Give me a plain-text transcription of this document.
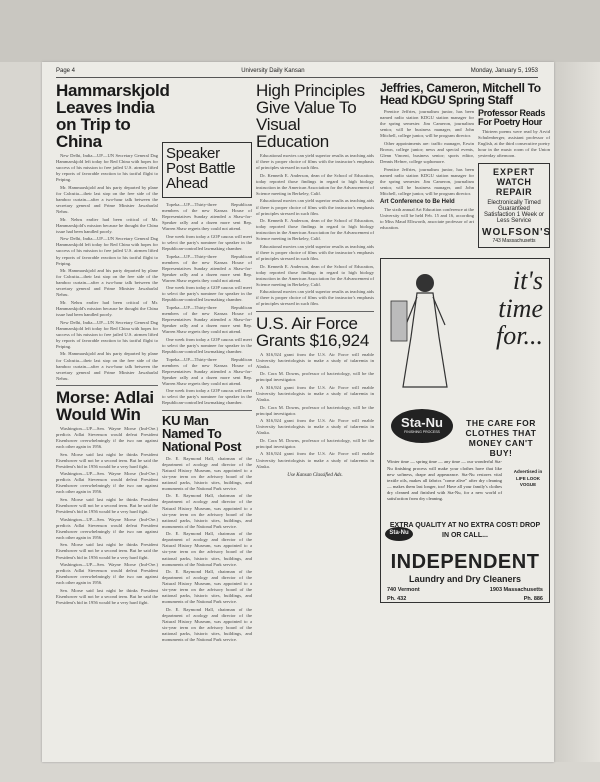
Page 4	University Daily Kansan	Monday, January 5, 1953
Hammarskjold Leaves India on Trip to China

New Delhi, India—UP—UN Secretary General Dag Hammarskjold left today for Red China with hopes for success of his mission to free jailed U.S. airmen lifted by reports of favorable reaction to his tactful flight to Peiping.

Mr. Hammarskjold and his party departed by plane for Calcutta—their last stop on the free side of the bamboo curtain—after a two-hour talk between the secretary general and Prime Minister Jawaharlal Nehru.

Mr. Nehru earlier had been critical of Mr. Hammarskjold's mission because he thought the China issue had been handled poorly.

New Delhi, India—UP—UN Secretary General Dag Hammarskjold left today for Red China with hopes for success of his mission to free jailed U.S. airmen lifted by reports of favorable reaction to his tactful flight to Peiping.

Mr. Hammarskjold and his party departed by plane for Calcutta—their last stop on the free side of the bamboo curtain—after a two-hour talk between the secretary general and Prime Minister Jawaharlal Nehru.

Mr. Nehru earlier had been critical of Mr. Hammarskjold's mission because he thought the China issue had been handled poorly.

New Delhi, India—UP—UN Secretary General Dag Hammarskjold left today for Red China with hopes for success of his mission to free jailed U.S. airmen lifted by reports of favorable reaction to his tactful flight to Peiping.

Mr. Hammarskjold and his party departed by plane for Calcutta—their last stop on the free side of the bamboo curtain—after a two-hour talk between the secretary general and Prime Minister Jawaharlal Nehru.

Morse: Adlai Would Win

Washington—UP—Sen. Wayne Morse (Ind-Ore.) predicts Adlai Stevenson would defeat President Eisenhower overwhelmingly if the two ran against each other again in 1956.

Sen. Morse said last night he thinks President Eisenhower will not be a second term. But he said the President's bid in 1956 would be a very hard fight.

Washington—UP—Sen. Wayne Morse (Ind-Ore.) predicts Adlai Stevenson would defeat President Eisenhower overwhelmingly if the two ran against each other again in 1956.

Sen. Morse said last night he thinks President Eisenhower will not be a second term. But he said the President's bid in 1956 would be a very hard fight.

Washington—UP—Sen. Wayne Morse (Ind-Ore.) predicts Adlai Stevenson would defeat President Eisenhower overwhelmingly if the two ran against each other again in 1956.

Sen. Morse said last night he thinks President Eisenhower will not be a second term. But he said the President's bid in 1956 would be a very hard fight.

Washington—UP—Sen. Wayne Morse (Ind-Ore.) predicts Adlai Stevenson would defeat President Eisenhower overwhelmingly if the two ran against each other again in 1956.

Sen. Morse said last night he thinks President Eisenhower will not be a second term. But he said the President's bid in 1956 would be a very hard fight.

Speaker Post Battle Ahead

Topeka—UP—Thirty-three Republican members of the new Kansas House of Representatives Sunday attended a Shaw-for-Speaker rally and a dozen more sent Rep. Warren Shaw regrets they could not attend.

One week from today a GOP caucus will meet to select the party's nominee for speaker in the Republican-controlled lawmaking chamber.

Topeka—UP—Thirty-three Republican members of the new Kansas House of Representatives Sunday attended a Shaw-for-Speaker rally and a dozen more sent Rep. Warren Shaw regrets they could not attend.

One week from today a GOP caucus will meet to select the party's nominee for speaker in the Republican-controlled lawmaking chamber.

Topeka—UP—Thirty-three Republican members of the new Kansas House of Representatives Sunday attended a Shaw-for-Speaker rally and a dozen more sent Rep. Warren Shaw regrets they could not attend.

One week from today a GOP caucus will meet to select the party's nominee for speaker in the Republican-controlled lawmaking chamber.

Topeka—UP—Thirty-three Republican members of the new Kansas House of Representatives Sunday attended a Shaw-for-Speaker rally and a dozen more sent Rep. Warren Shaw regrets they could not attend.

One week from today a GOP caucus will meet to select the party's nominee for speaker in the Republican-controlled lawmaking chamber.

KU Man Named To National Post

Dr. E. Raymond Hall, chairman of the department of zoology and director of the Natural History Museum, was appointed to a six-year term on the advisory board of the national parks, historic sites, buildings, and monuments of the National Park service.

Dr. E. Raymond Hall, chairman of the department of zoology and director of the Natural History Museum, was appointed to a six-year term on the advisory board of the national parks, historic sites, buildings, and monuments of the National Park service.

Dr. E. Raymond Hall, chairman of the department of zoology and director of the Natural History Museum, was appointed to a six-year term on the advisory board of the national parks, historic sites, buildings, and monuments of the National Park service.

Dr. E. Raymond Hall, chairman of the department of zoology and director of the Natural History Museum, was appointed to a six-year term on the advisory board of the national parks, historic sites, buildings, and monuments of the National Park service.

Dr. E. Raymond Hall, chairman of the department of zoology and director of the Natural History Museum, was appointed to a six-year term on the advisory board of the national parks, historic sites, buildings, and monuments of the National Park service.

High Principles Give Value To Visual Education

Educational movies can yield superior results as teaching aids if there is proper choice of films with the instructor's emphasis of principles stressed in such film.

Dr. Kenneth E. Anderson, dean of the School of Education, today reported those findings in regard to high biology instruction in the American Association for the Advancement of Science meeting in Berkeley, Calif.

Educational movies can yield superior results as teaching aids if there is proper choice of films with the instructor's emphasis of principles stressed in such film.

Dr. Kenneth E. Anderson, dean of the School of Education, today reported those findings in regard to high biology instruction in the American Association for the Advancement of Science meeting in Berkeley, Calif.

Educational movies can yield superior results as teaching aids if there is proper choice of films with the instructor's emphasis of principles stressed in such film.

Dr. Kenneth E. Anderson, dean of the School of Education, today reported those findings in regard to high biology instruction in the American Association for the Advancement of Science meeting in Berkeley, Calif.

Educational movies can yield superior results as teaching aids if there is proper choice of films with the instructor's emphasis of principles stressed in such film.

U.S. Air Force Grants $16,924

A $16,924 grant from the U.S. Air Force will enable University bacteriologists to make a study of tularemia in Alaska.

Dr. Cora M. Downs, professor of bacteriology, will be the principal investigator.

A $16,924 grant from the U.S. Air Force will enable University bacteriologists to make a study of tularemia in Alaska.

Dr. Cora M. Downs, professor of bacteriology, will be the principal investigator.

A $16,924 grant from the U.S. Air Force will enable University bacteriologists to make a study of tularemia in Alaska.

Dr. Cora M. Downs, professor of bacteriology, will be the principal investigator.

A $16,924 grant from the U.S. Air Force will enable University bacteriologists to make a study of tularemia in Alaska.

Use Kansan Classified Ads.
Jeffries, Cameron, Mitchell To Head KDGU Spring Staff

Prentice Jeffries, journalism junior, has been named radio station KDGU station manager for the spring semester. Jim Cameron, journalism senior, will be business manager, and John Mitchell, college junior, will be program director.

Other appointments are: traffic manager, Erwin Brown, college junior; news and special events, Glenn Vincent, business senior; sports editor, Dennis Hefner, college sophomore.

Prentice Jeffries, journalism junior, has been named radio station KDGU station manager for the spring semester. Jim Cameron, journalism senior, will be business manager, and John Mitchell, college junior, will be program director.

Art Conference to Be Held

The sixth annual Art Education conference at the University will be held Feb. 15 and 16, according to Miss Maud Ellsworth, associate professor of art education.

Professor Reads For Poetry Hour

Thirteen poems were read by Arvid Schulenberger, assistant professor of English, at the third consecutive poetry hour in the music room of the Union yesterday afternoon.

EXPERT
WATCH REPAIR
Electronically Timed Guaranteed Satisfaction 1 Week or Less Service
WOLFSON'S
743 Massachusetts
it's time for...
Sta-Nu
FINISHING PROCESS
THE CARE FOR CLOTHES THAT MONEY CAN'T BUY!
Winter time — spring time — any time — our wonderful Sta-Nu finishing process will make your clothes have that like new softness, drape and appearance. Sta-Nu restores vital textile oils, makes all fabrics "come alive" after dry cleaning — makes them last longer, too! Have all your family's clothes dry cleaned and finished with Sta-Nu, for a new world of satisfaction from dry cleaning.
Advertised in LIFE LOOK VOGUE
Sta-Nu
EXTRA QUALITY AT NO EXTRA COST! DROP IN OR CALL...
INDEPENDENT
Laundry and Dry Cleaners
740 Vermont	1903 Massachusetts
Ph. 432	Ph. 886
